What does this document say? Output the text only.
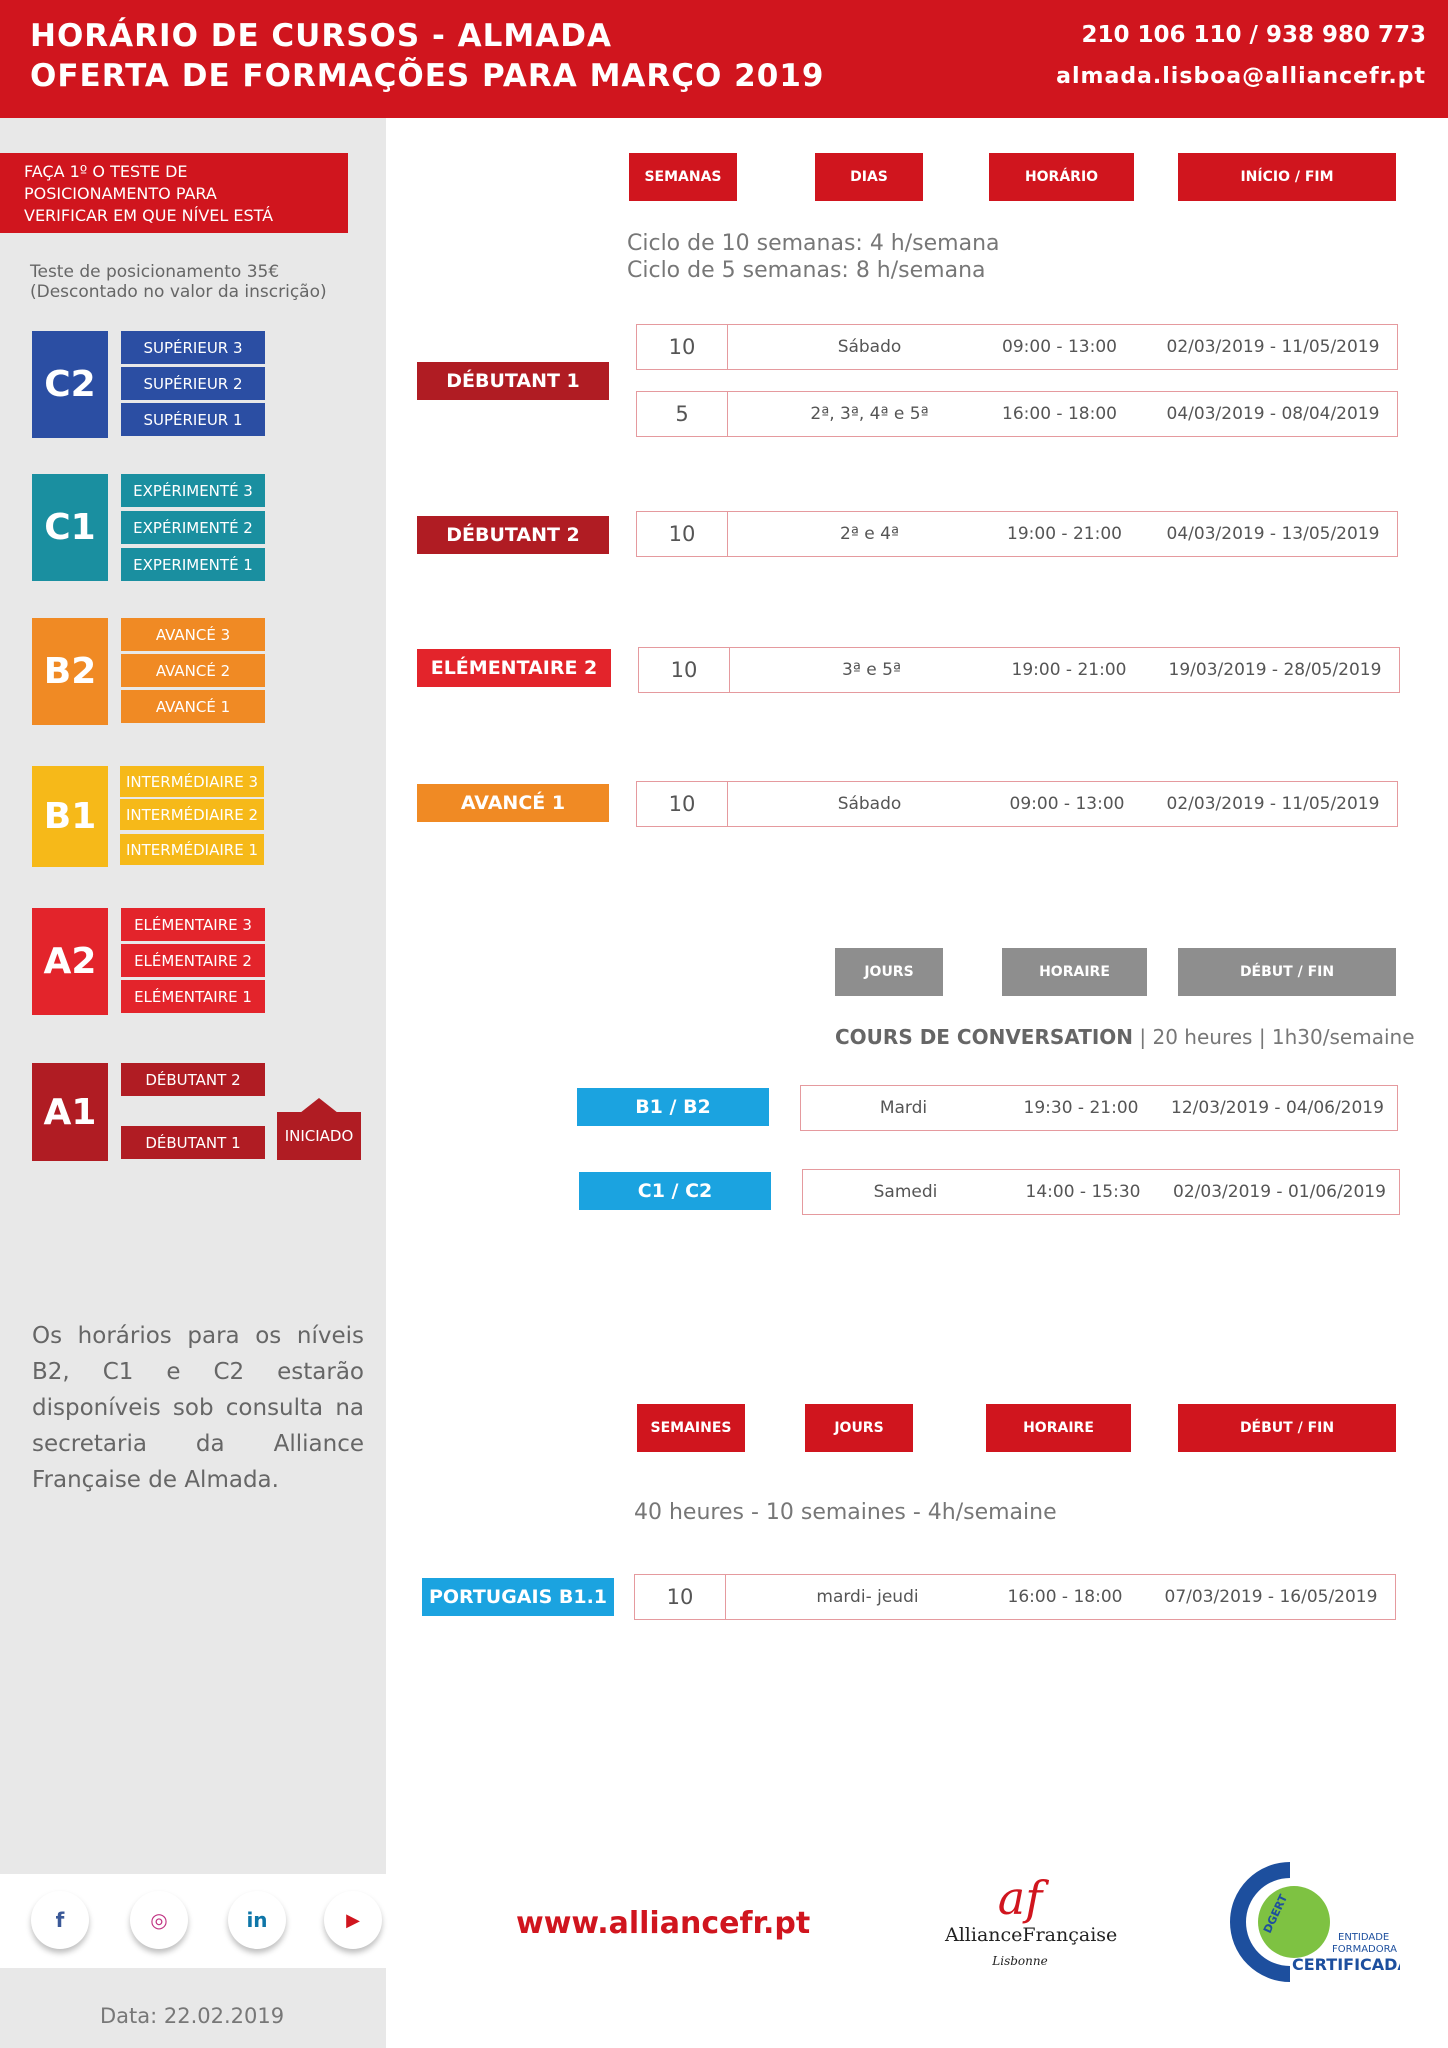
HORÁRIO DE CURSOS - ALMADA
OFERTA DE FORMAÇÕES PARA MARÇO 2019
210 106 110 / 938 980 773
almada.lisboa@alliancefr.pt
FAÇA 1º O TESTE DE
POSICIONAMENTO PARA
VERIFICAR EM QUE NÍVEL ESTÁ
Teste de posicionamento 35€
(Descontado no valor da inscrição)
C2
SUPÉRIEUR 3
SUPÉRIEUR 2
SUPÉRIEUR 1
C1
EXPÉRIMENTÉ 3
EXPÉRIMENTÉ 2
EXPERIMENTÉ 1
B2
AVANCÉ 3
AVANCÉ 2
AVANCÉ 1
B1
INTERMÉDIAIRE 3
INTERMÉDIAIRE 2
INTERMÉDIAIRE 1
A2
ELÉMENTAIRE 3
ELÉMENTAIRE 2
ELÉMENTAIRE 1
A1
DÉBUTANT 2
DÉBUTANT 1	INICIADO
Os horários para os níveis B2, C1 e C2 estarão disponíveis sob consulta na secretaria da Alliance Française de Almada.
Data: 22.02.2019
SEMANAS	DIAS	HORÁRIO	INÍCIO / FIM
Ciclo de 10 semanas: 4 h/semana
Ciclo de 5 semanas: 8 h/semana
DÉBUTANT 1
10	Sábado	09:00 - 13:00	02/03/2019 - 11/05/2019
5	2ª, 3ª, 4ª e 5ª	16:00 - 18:00	04/03/2019 - 08/04/2019
DÉBUTANT 2	10	2ª e 4ª	19:00 - 21:00	04/03/2019 - 13/05/2019
ELÉMENTAIRE 2	10	3ª e 5ª	19:00 - 21:00	19/03/2019 - 28/05/2019
AVANCÉ 1	10	Sábado	09:00 - 13:00	02/03/2019 - 11/05/2019
JOURS	HORAIRE	DÉBUT / FIN
COURS DE CONVERSATION | 20 heures | 1h30/semaine
B1 / B2	Mardi	19:30 - 21:00	12/03/2019 - 04/06/2019
C1 / C2	Samedi	14:00 - 15:30	02/03/2019 - 01/06/2019
SEMAINES	JOURS	HORAIRE	DÉBUT / FIN
40 heures - 10 semaines - 4h/semaine
PORTUGAIS B1.1	10	mardi- jeudi	16:00 - 18:00	07/03/2019 - 16/05/2019
f	◎	in	▶	www.alliancefr.pt	af
AllianceFrançaise
Lisbonne
DGERT
ENTIDADE
FORMADORA
CERTIFICADA
